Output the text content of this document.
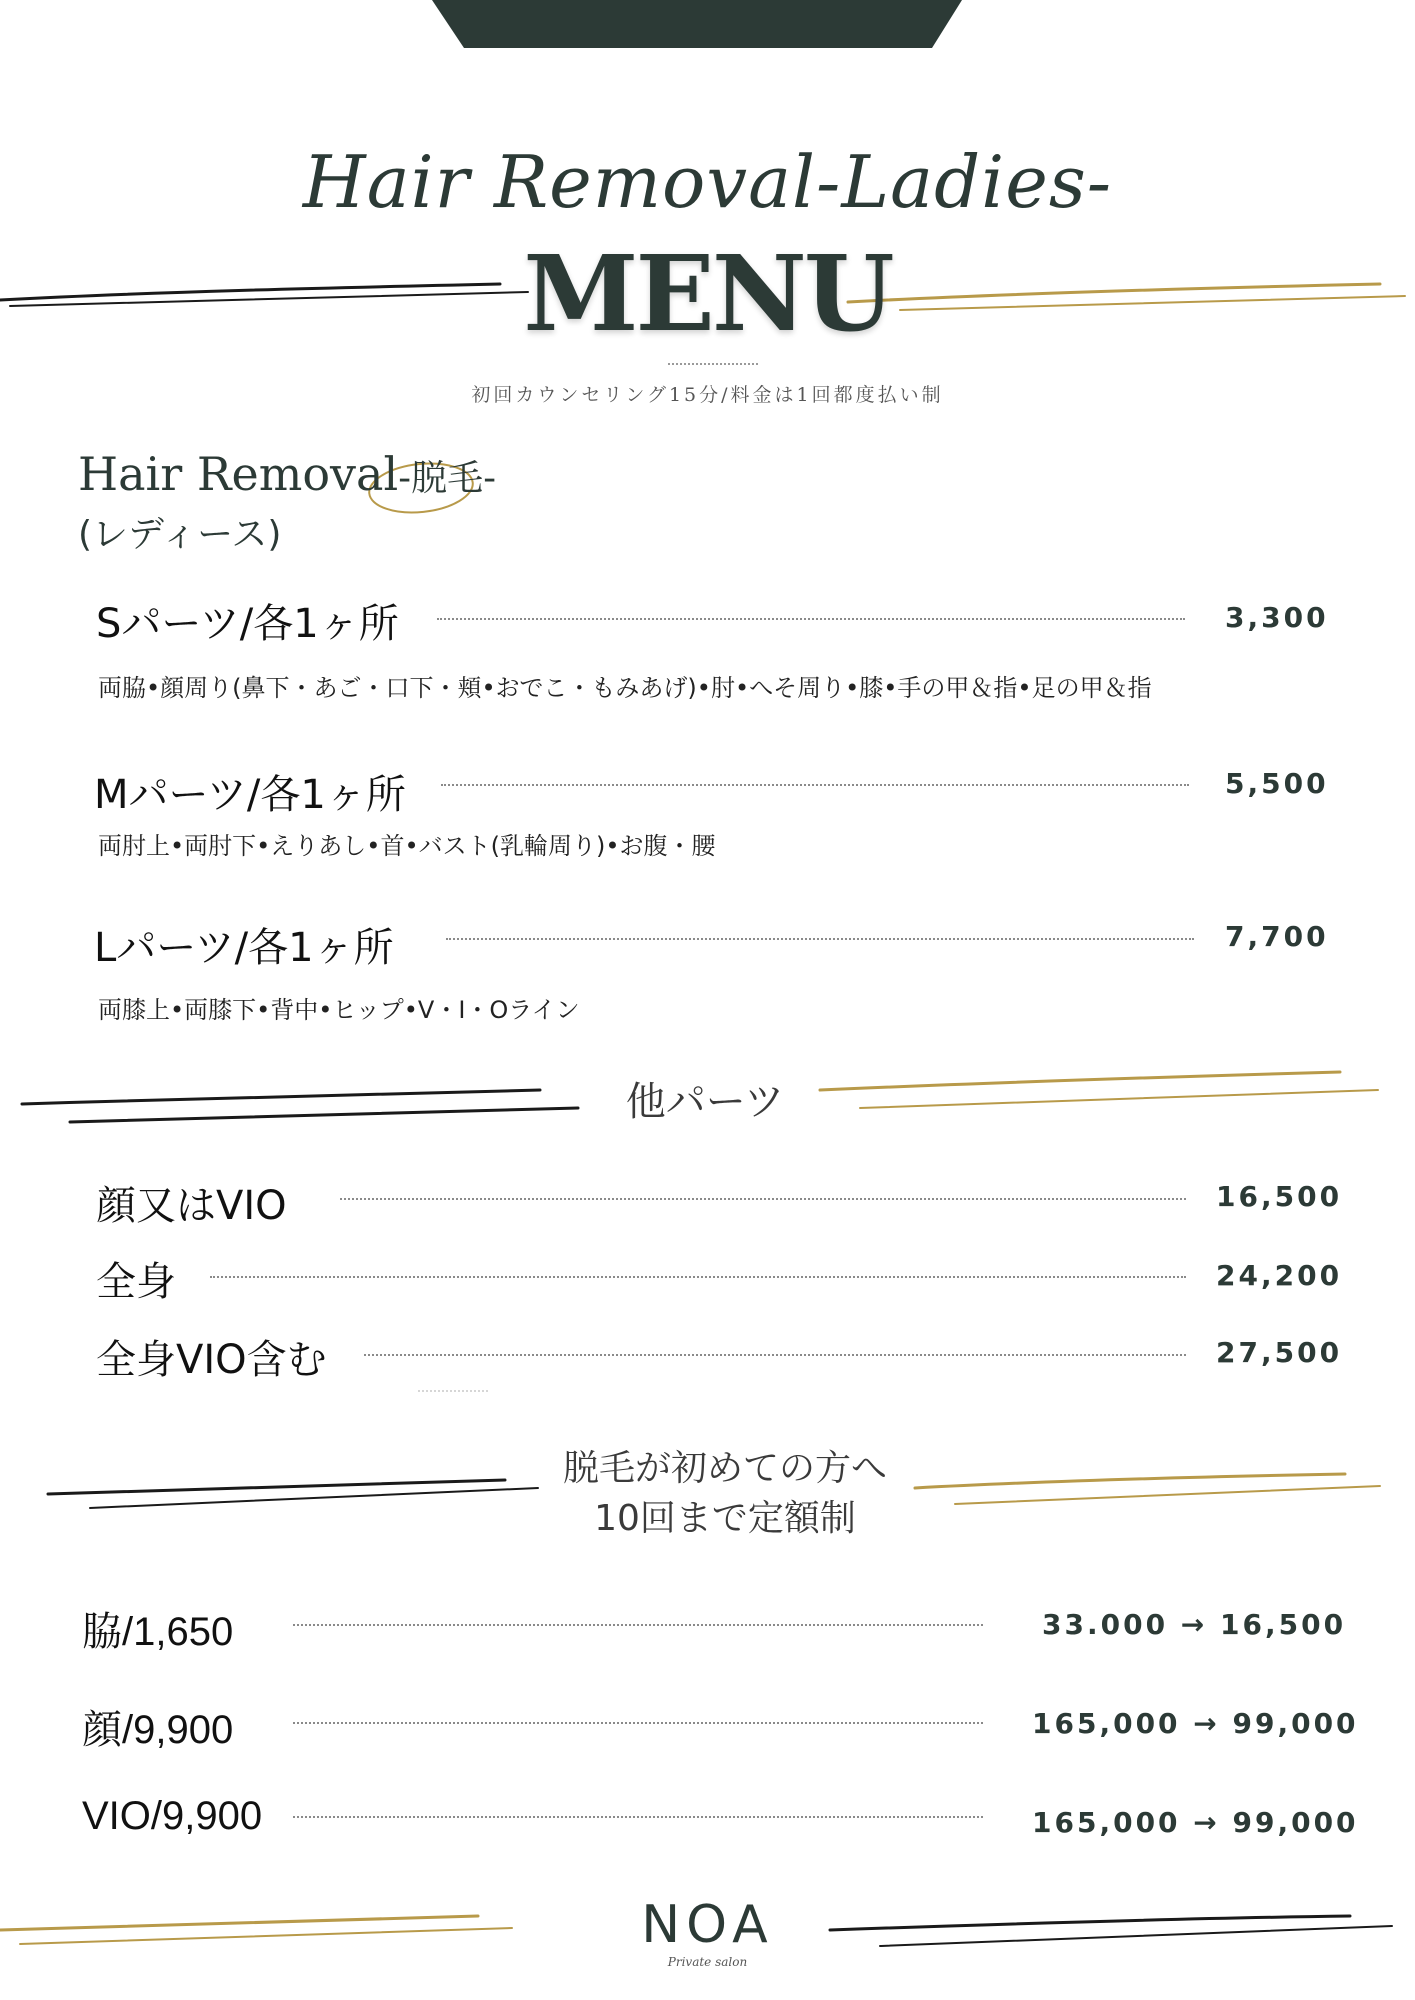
Hair Removal-Ladies-
MENU
初回カウンセリング15分/料金は1回都度払い制
Hair Removal-脱毛-
(レディース)
Sパーツ/各1ヶ所	3,300
両脇•顔周り(鼻下・あご・口下・頬•おでこ・もみあげ)•肘•へそ周り•膝•手の甲＆指•足の甲＆指
Mパーツ/各1ヶ所	5,500
両肘上•両肘下•えりあし•首•バスト(乳輪周り)•お腹・腰
Lパーツ/各1ヶ所	7,700
両膝上•両膝下•背中•ヒップ•V・I・Oライン
他パーツ
顔又はVIO	16,500
全身	24,200
全身VIO含む	27,500
脱毛が初めての方へ
10回まで定額制
脇/1,650	33.000 → 16,500
顔/9,900	165,000 → 99,000
VIO/9,900	165,000 → 99,000
NOA
Private salon
